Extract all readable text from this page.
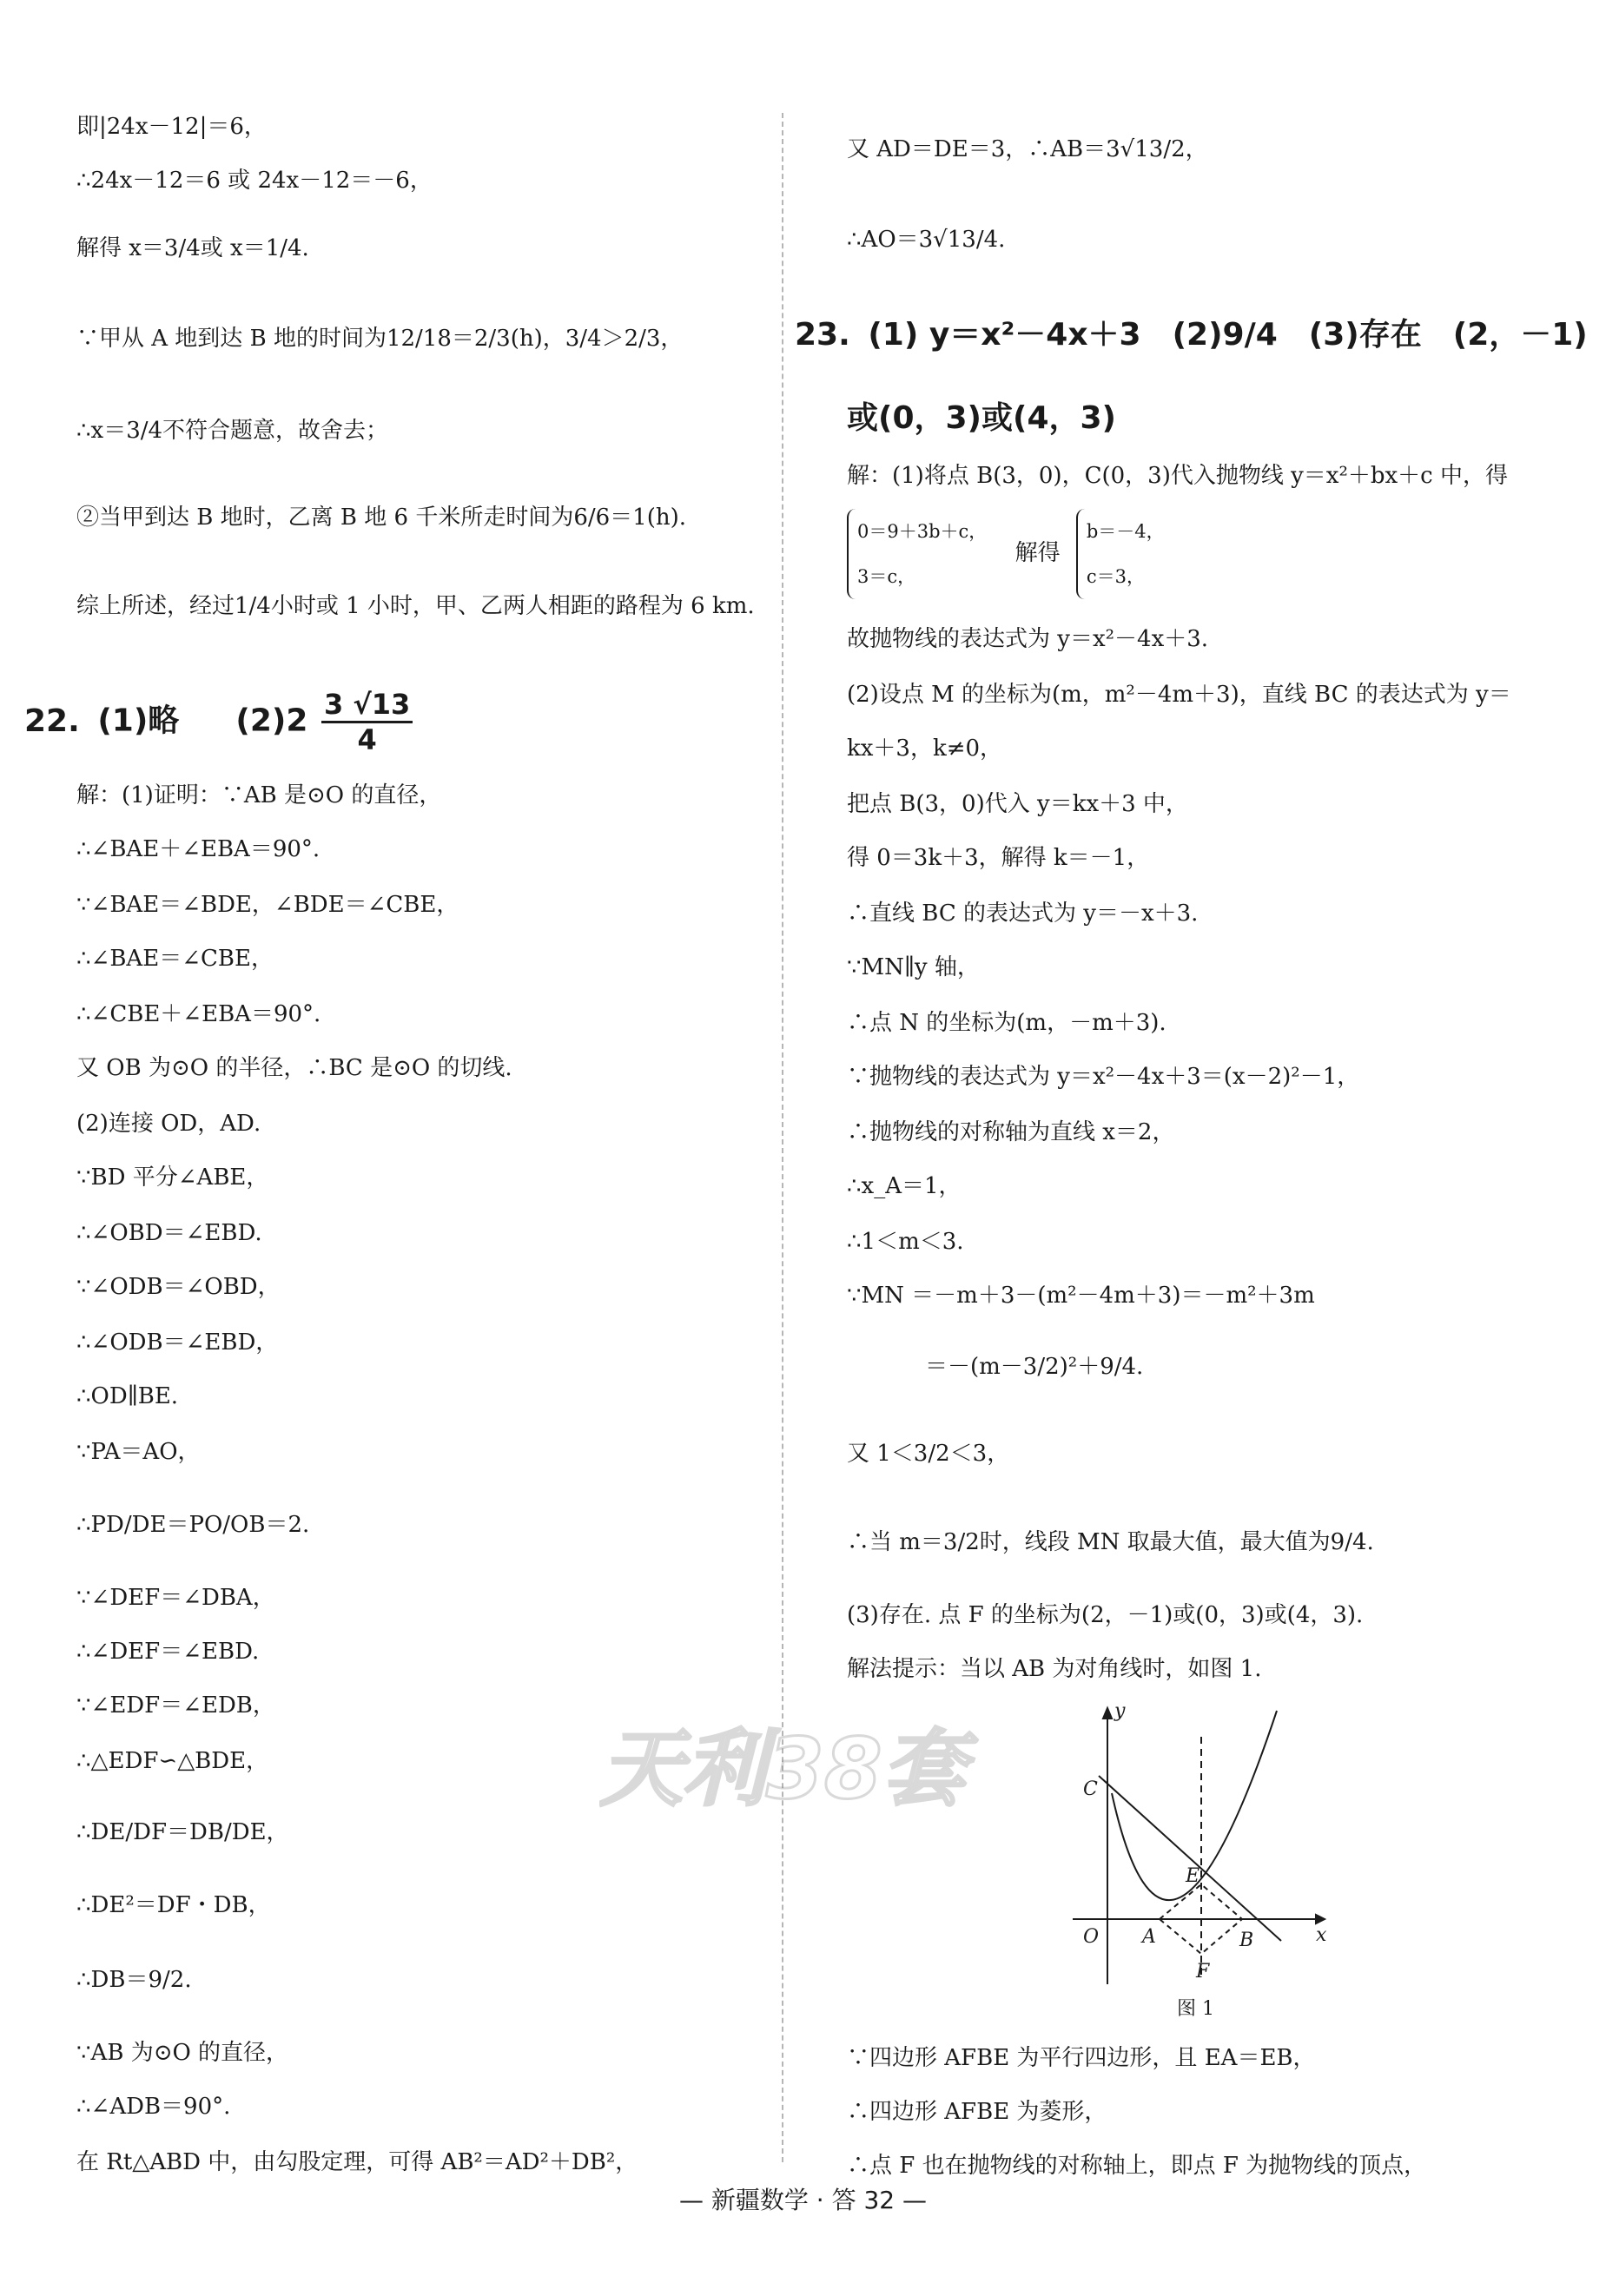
即|24x－12|＝6，
∴24x－12＝6 或 24x－12＝－6，
解得 x＝3/4或 x＝1/4.
∵甲从 A 地到达 B 地的时间为12/18＝2/3(h)，3/4＞2/3，
∴x＝3/4不符合题意，故舍去；
②当甲到达 B 地时，乙离 B 地 6 千米所走时间为6/6＝1(h).
综上所述，经过1/4小时或 1 小时，甲、乙两人相距的路程为 6 km.
22. (1)略 $(2)2 \frac{3 √13}{4}$
解：(1)证明：∵AB 是⊙O 的直径，
∴∠BAE＋∠EBA＝90°.
∵∠BAE＝∠BDE，∠BDE＝∠CBE，
∴∠BAE＝∠CBE，
∴∠CBE＋∠EBA＝90°.
又 OB 为⊙O 的半径，∴BC 是⊙O 的切线.
(2)连接 OD，AD.
∵BD 平分∠ABE，
∴∠OBD＝∠EBD.
∵∠ODB＝∠OBD，
∴∠ODB＝∠EBD，
∴OD∥BE.
∵PA＝AO，
∴PD/DE＝PO/OB＝2.
∵∠DEF＝∠DBA，
∴∠DEF＝∠EBD.
∵∠EDF＝∠EDB，
∴△EDF∽△BDE，
∴DE/DF＝DB/DE，
∴DE²＝DF・DB，
∴DB＝9/2.
∵AB 为⊙O 的直径，
∴∠ADB＝90°.
在 Rt△ABD 中，由勾股定理，可得 AB²＝AD²＋DB²，
又 AD＝DE＝3，∴AB＝3√13/2，
∴AO＝3√13/4.
23. (1) y＝x²－4x＋3　(2)9/4　(3)存在　(2，－1)
或(0，3)或(4，3)
解：(1)将点 B(3，0)，C(0，3)代入抛物线 y＝x²＋bx＋c 中，得
0＝9＋3b＋c，
3＝c， 解得 b＝－4，
c＝3，
故抛物线的表达式为 y＝x²－4x＋3.
(2)设点 M 的坐标为(m，m²－4m＋3)，直线 BC 的表达式为 y＝
kx＋3，k≠0，
把点 B(3，0)代入 y＝kx＋3 中，
得 0＝3k＋3，解得 k＝－1，
∴直线 BC 的表达式为 y＝－x＋3.
∵MN∥y 轴，
∴点 N 的坐标为(m，－m＋3).
∵抛物线的表达式为 y＝x²－4x＋3＝(x－2)²－1，
∴抛物线的对称轴为直线 x＝2，
∴x_A＝1，
∴1＜m＜3.
∵MN ＝－m＋3－(m²－4m＋3)＝－m²＋3m
＝－(m－3/2)²＋9/4.
又 1＜3/2＜3，
∴当 m＝3/2时，线段 MN 取最大值，最大值为9/4.
(3)存在. 点 F 的坐标为(2，－1)或(0，3)或(4，3).
解法提示：当以 AB 为对角线时，如图 1.
∵四边形 AFBE 为平行四边形，且 EA＝EB，
∴四边形 AFBE 为菱形，
∴点 F 也在抛物线的对称轴上，即点 F 为抛物线的顶点，
y
x
O
C
E
A	B
F
图 1
天利38套
— 新疆数学 · 答 32 —
